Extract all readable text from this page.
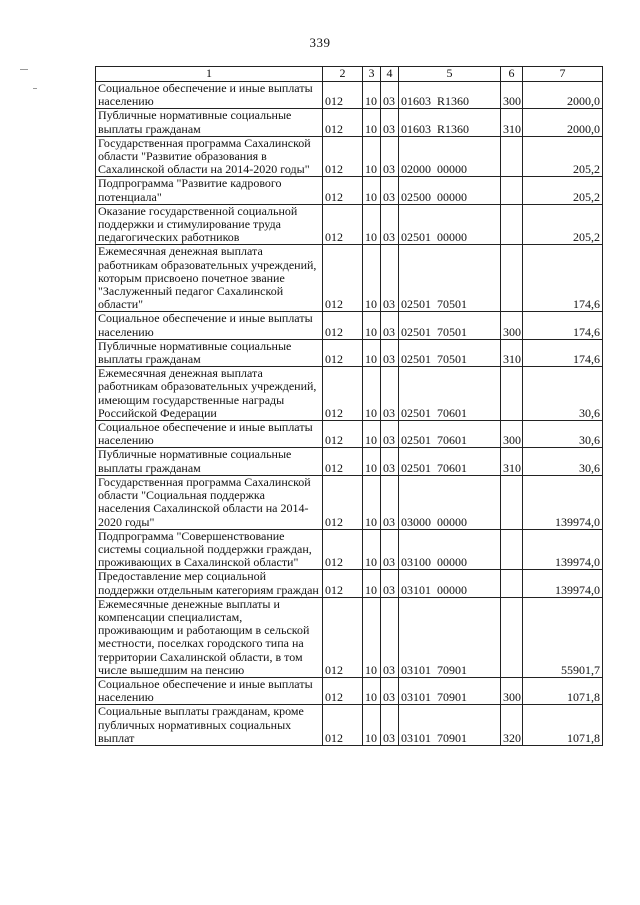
339
1	2	3	4	5	6	7
Социальное обеспечение и иные выплаты населению	012	10	03	01603 R1360	300	2000,0
Публичные нормативные социальные выплаты гражданам	012	10	03	01603 R1360	310	2000,0
Государственная программа Сахалинской области "Развитие образования в Сахалинской области на 2014-2020 годы"	012	10	03	02000 00000		205,2
Подпрограмма "Развитие кадрового потенциала"	012	10	03	02500 00000		205,2
Оказание государственной социальной поддержки и стимулирование труда педагогических работников	012	10	03	02501 00000		205,2
Ежемесячная денежная выплата работникам образовательных учреждений, которым присвоено почетное звание "Заслуженный педагог Сахалинской области"	012	10	03	02501 70501		174,6
Социальное обеспечение и иные выплаты населению	012	10	03	02501 70501	300	174,6
Публичные нормативные социальные выплаты гражданам	012	10	03	02501 70501	310	174,6
Ежемесячная денежная выплата работникам образовательных учреждений, имеющим государственные награды Российской Федерации	012	10	03	02501 70601		30,6
Социальное обеспечение и иные выплаты населению	012	10	03	02501 70601	300	30,6
Публичные нормативные социальные выплаты гражданам	012	10	03	02501 70601	310	30,6
Государственная программа Сахалинской области "Социальная поддержка населения Сахалинской области на 2014-2020 годы"	012	10	03	03000 00000		139974,0
Подпрограмма "Совершенствование системы социальной поддержки граждан, проживающих в Сахалинской области"	012	10	03	03100 00000		139974,0
Предоставление мер социальной поддержки отдельным категориям граждан	012	10	03	03101 00000		139974,0
Ежемесячные денежные выплаты и компенсации специалистам, проживающим и работающим в сельской местности, поселках городского типа на территории Сахалинской области, в том числе вышедшим на пенсию	012	10	03	03101 70901		55901,7
Социальное обеспечение и иные выплаты населению	012	10	03	03101 70901	300	1071,8
Социальные выплаты гражданам, кроме публичных нормативных социальных выплат	012	10	03	03101 70901	320	1071,8
